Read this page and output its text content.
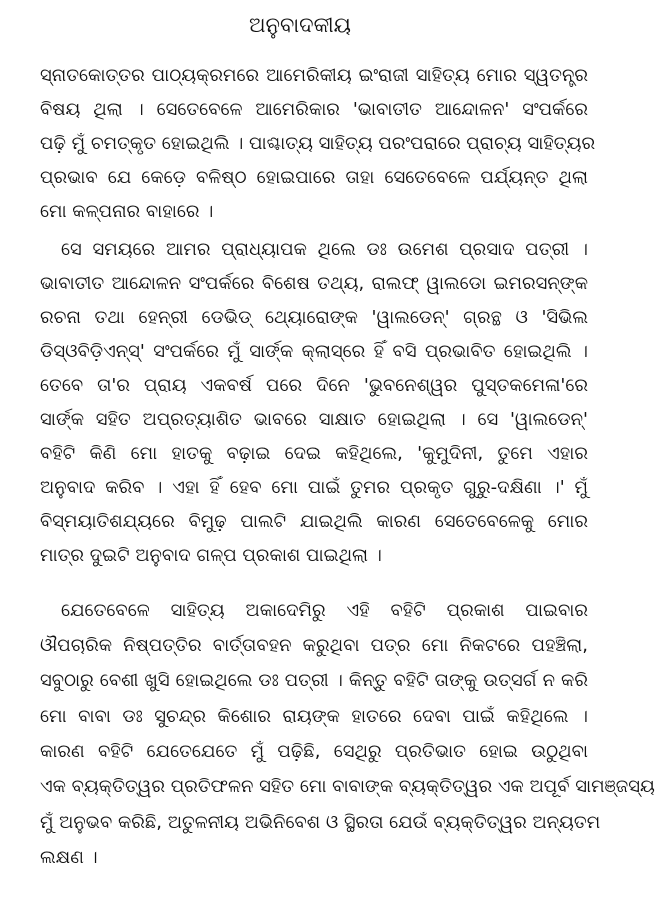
ଅନୁବାଦକୀୟ
ସ୍ନାତକୋତ୍ତର ପାଠ୍ୟକ୍ରମରେ ଆମେରିକୀୟ ଇଂରାଜୀ ସାହିତ୍ୟ ମୋର ସ୍ୱତନ୍ତ୍ର
ବିଷୟ ଥିଲା । ସେତେବେଳେ ଆମେରିକାର 'ଭାବାତୀତ ଆନ୍ଦୋଳନ' ସଂପର୍କରେ
ପଢ଼ି ମୁଁ ଚମତ୍କୃତ ହୋଇଥିଲି । ପାଶ୍ଚାତ୍ୟ ସାହିତ୍ୟ ପରଂପରାରେ ପ୍ରାଚ୍ୟ ସାହିତ୍ୟର
ପ୍ରଭାବ ଯେ କେଡ଼େ ବଳିଷ୍ଠ ହୋଇପାରେ ତାହା ସେତେବେଳେ ପର୍ଯ୍ୟନ୍ତ ଥିଲା
ମୋ କଳ୍ପନାର ବାହାରେ ।
ସେ ସମୟରେ ଆମର ପ୍ରାଧ୍ୟାପକ ଥିଲେ ଡଃ ଉମେଶ ପ୍ରସାଦ ପତ୍ରୀ ।
ଭାବାତୀତ ଆନ୍ଦୋଳନ ସଂପର୍କରେ ବିଶେଷ ତଥ୍ୟ, ରାଲଫ୍ ୱାଲଡୋ ଇମରସନ୍ଙ୍କ
ରଚନା ତଥା ହେନ୍ରୀ ଡେଭିଡ୍ ଥ୍ୟୋରୋଙ୍କ 'ୱାଲଡେନ୍' ଗ୍ରନ୍ଥ ଓ 'ସିଭିଲ
ଡିସ୍ଓବିଡ଼ିଏନ୍ସ୍' ସଂପର୍କରେ ମୁଁ ସାର୍ଙ୍କ କ୍ଲାସ୍ରେ ହିଁ ବସି ପ୍ରଭାବିତ ହୋଇଥିଲି ।
ତେବେ ତା'ର ପ୍ରାୟ ଏକବର୍ଷ ପରେ ଦିନେ 'ଭୁବନେଶ୍ୱର ପୁସ୍ତକମେଳା'ରେ
ସାର୍ଙ୍କ ସହିତ ଅପ୍ରତ୍ୟାଶିତ ଭାବରେ ସାକ୍ଷାତ ହୋଇଥିଲା । ସେ 'ୱାଲଡେନ୍'
ବହିଟି କିଣି ମୋ ହାତକୁ ବଢ଼ାଇ ଦେଇ କହିଥିଲେ, 'କୁମୁଦିନୀ, ତୁମେ ଏହାର
ଅନୁବାଦ କରିବ । ଏହା ହିଁ ହେବ ମୋ ପାଇଁ ତୁମର ପ୍ରକୃତ ଗୁରୁ-ଦକ୍ଷିଣା ।' ମୁଁ
ବିସ୍ମୟାତିଶଯ୍ୟରେ ବିମୁଢ଼ ପାଲଟି ଯାଇଥିଲି କାରଣ ସେତେବେଳେକୁ ମୋର
ମାତ୍ର ଦୁଇଟି ଅନୁବାଦ ଗଳ୍ପ ପ୍ରକାଶ ପାଇଥିଲା ।
ଯେତେବେଳେ ସାହିତ୍ୟ ଅକାଦେମିରୁ ଏହି ବହିଟି ପ୍ରକାଶ ପାଇବାର
ଔପଚାରିକ ନିଷ୍ପତ୍ତିର ବାର୍ତ୍ତାବହନ କରୁଥିବା ପତ୍ର ମୋ ନିକଟରେ ପହଞ୍ଚିଲା,
ସବୁଠାରୁ ବେଶୀ ଖୁସି ହୋଇଥିଲେ ଡଃ ପତ୍ରୀ । କିନ୍ତୁ ବହିଟି ତାଙ୍କୁ ଉତ୍ସର୍ଗ ନ କରି
ମୋ ବାବା ଡଃ ସୁଚନ୍ଦ୍ର କିଶୋର ରାୟଙ୍କ ହାତରେ ଦେବା ପାଇଁ କହିଥିଲେ ।
କାରଣ ବହିଟି ଯେତେଯେତେ ମୁଁ ପଢ଼ିଛି, ସେଥିରୁ ପ୍ରତିଭାତ ହୋଇ ଉଠୁଥିବା
ଏକ ବ୍ୟକ୍ତିତ୍ୱର ପ୍ରତିଫଳନ ସହିତ ମୋ ବାବାଙ୍କ ବ୍ୟକ୍ତିତ୍ୱର ଏକ ଅପୂର୍ବ ସାମଞ୍ଜସ୍ୟ
ମୁଁ ଅନୁଭବ କରିଛି, ଅତୁଳନୀୟ ଅଭିନିବେଶ ଓ ସ୍ଥିରତା ଯେଉଁ ବ୍ୟକ୍ତିତ୍ୱର ଅନ୍ୟତମ
ଲକ୍ଷଣ ।
